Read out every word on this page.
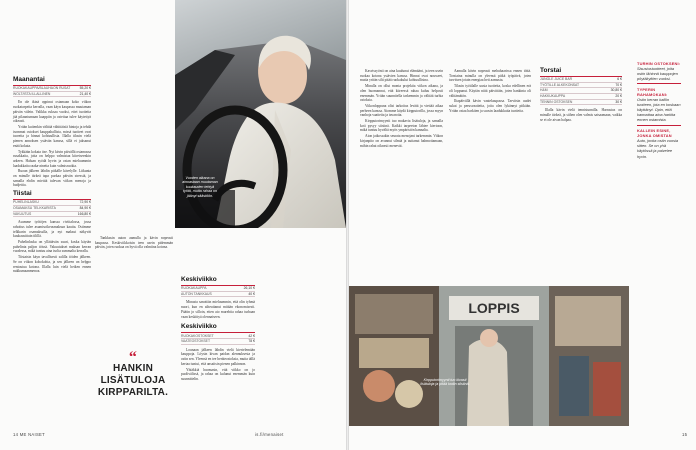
Maanantai
RUOKAKAUPPA/BLAUHAON RUSAT	55,20 €
WOLT/ISTA ILLALLINEN	21,40 €

En ole ikinä oppinut ostamaan koko viikon ruokatarpeita kerralla, vaan käyn kaupassa muutaman päivän välein. Valikka ruksaa vuoksi, ettei tuotteita jää pilaantumaan kaappiin ja ostettua tulee käytettyä oikeasti.

Yritän kuitenkin välttää vähittäisiä hintoja ja tehdä isommat ostokset kauppahallista, missä tuotteet ovat tuoreita ja hinnat kohtuullisia. Illalla tilasin vielä pienen annoksen ystävän kanssa, sillä ei jaksanut enää kokata.

Tykkään kokata itse. Nyt kävin päivällä ostamassa rusakkaita, joita on helppo valmistaa kiireiseenkin arkeen. Haluan syödä hyvin ja ostan mieluummin laadukkaita raaka-aineita kuin valmisruokia.

Ruoan jälkeen lähdin pitkälle kävelylle. Liikunta on minulle tärkeä tapa purkaa päivän stressiä, ja samalla ehdin miettiä tulevan viikon menoja ja budjettia.

Tiistai
PUHELINLASKU	72,90 €
OSAMAKSU TELKKARISTA	84,90 €
VAKUUTUS	166,80 €

Asumme työtöjen kanssa riviitalossa, jossa rahoitus tulee asumisoikeusmaksun kautta. Ostimme telkkarin osamaksulla, ja nyt maksut näkyvät kuukausittain tilillä.

Puhelinlasku on yllättävän suuri, koska käytän puhelinta paljon töissä. Vakuutukset maksan kerran vuodessa, mikä tuntuu aina isolta summalta kerralla.

Tiistaisin käyn tavallisesti salilla töiden jälkeen. Se on viikon kohokohta, ja sen jälkeen on helppo rentoutua kotona. Illalla luin vielä hetken ennen nukkumaanmenoa.

Vuoden aikana on ainoastaan muutaman kuukauden tehtyä työtä, mutta rahaa on jäänyt säästöön.

Tankkasin auton aamulla ja kävin nopeasti kaupassa. Keskiviikkoisin teen usein pidemmän päivän, joten ruokaa on hyvä olla valmiina kotona.

Keskiviikko
RUOKAKAUPPA	26,10 €
AUTON TANKKAUS	40 €

Minusta sanottiin mieluummin, että olin tyhmä nuori, kun en aiheuttanut mitään ekonomisesti. Päätin jo silloin, etten aio murehtia rahaa turhaan vaan keskittyä olennaiseen.

Keskiviikko
RUOKAKOSTOKSET	42 €
VAATEOSTOKSET	78 €

Lounaan jälkeen lähdin vielä kiertelemään kauppoja. Löysin kivan paidan alennuksesta ja ostin sen. Yleensä en tee heräteostoksia, mutta tällä kertaa tuntui, että ansaitsin pienen palkinnon.

Yhtäkkiä huomasin, että viikko on jo puolivälissä, ja rahaa on kulunut enemmän kuin suunnittelin.

“
HANKIN LISÄTULOJA KIRPPARILTA.
14 ME NAISET	is.fi/menaiset

Kasvissyönti on aina kuulunut elämääni, ja teen usein ruokaa kotona ystävien kanssa. Hinnat ovat nousseet, mutta yritän silti pitää ruokakulut kohtuullisina.

Minulla on ollut monta projektia viikon aikana, ja olen huomannut, että kiireessä rahaa kuluu helposti enemmän. Yritän suunnitella tarkemmin ja välttää turhia ostoksia.

Viikonloppuna olisi tarkoitus levätä ja viettää aikaa perheen kanssa. Aiomme käydä kirpputorilla, jossa myyn vanhoja vaatteita ja tavaroita.

Kirpputorimyynti tuo mukavia lisätuloja, ja samalla koti pysyy siistinä. Kaikki tarpeeton lähtee kiertoon, mikä tuntuu hyvältä myös ympäristön kannalta.

Aion jatkossakin seurata menojani tarkemmin. Viikon kirjanpito on avannut silmiä ja auttanut hahmottamaan, mihin rahat oikeasti menevät.

Aamulla kävin nopeasti mehubaarissa ennen töitä. Torstaina minulla on yleensä pitkä työpäivä, joten tarvitsen jotain energiaa heti aamusta.

Tilasin työtilalle uusia tuotteita, koska edellinen erä oli loppunut. Käytän niitä päivittäin, joten hankinta oli välttämätön.

Iltapäivällä kävin vaatekaupassa. Tarvitsin uudet sukat ja perusvaatteita, joita olen lykännyt pitkään. Yritän ostaa harkiten ja suosin laadukkaita tuotteita.

Torstai
JUNGLE JUICE BAR	6 €
TYÖTILLE ALKEKONSAT	70 €
H&M	30,80 €
HAKKUKAUPPA	20 €
TENNIN OSTOKSEN	30 €

Illalla kävin vielä tennistunnilla. Harrastus on minulle tärkeä, ja siihen olen valmis satsaamaan, vaikka se ei ole aivan halpaa.

TURHIN OSTOKSENI:
Sisustustuotteet, joita ostin lähinnä kauppojen pöytäkyltien vuoksi.
TYPERIN RAHAMOKANI:
Ostin kerran kalliin tuotteen, jota en koskaan käyttänyt. Opin, että kannattaa aina harkita ennen ostamista.
KALLEIN ESINE, JONKA OMISTAN
Auto, jonka ostin vuosia sitten. Se on yhä käytössä ja palvelee hyvin.
LOPPIS
Kirpputorimyynti tuo kivasti lisätuloja ja pitää kodin siistinä.
15
